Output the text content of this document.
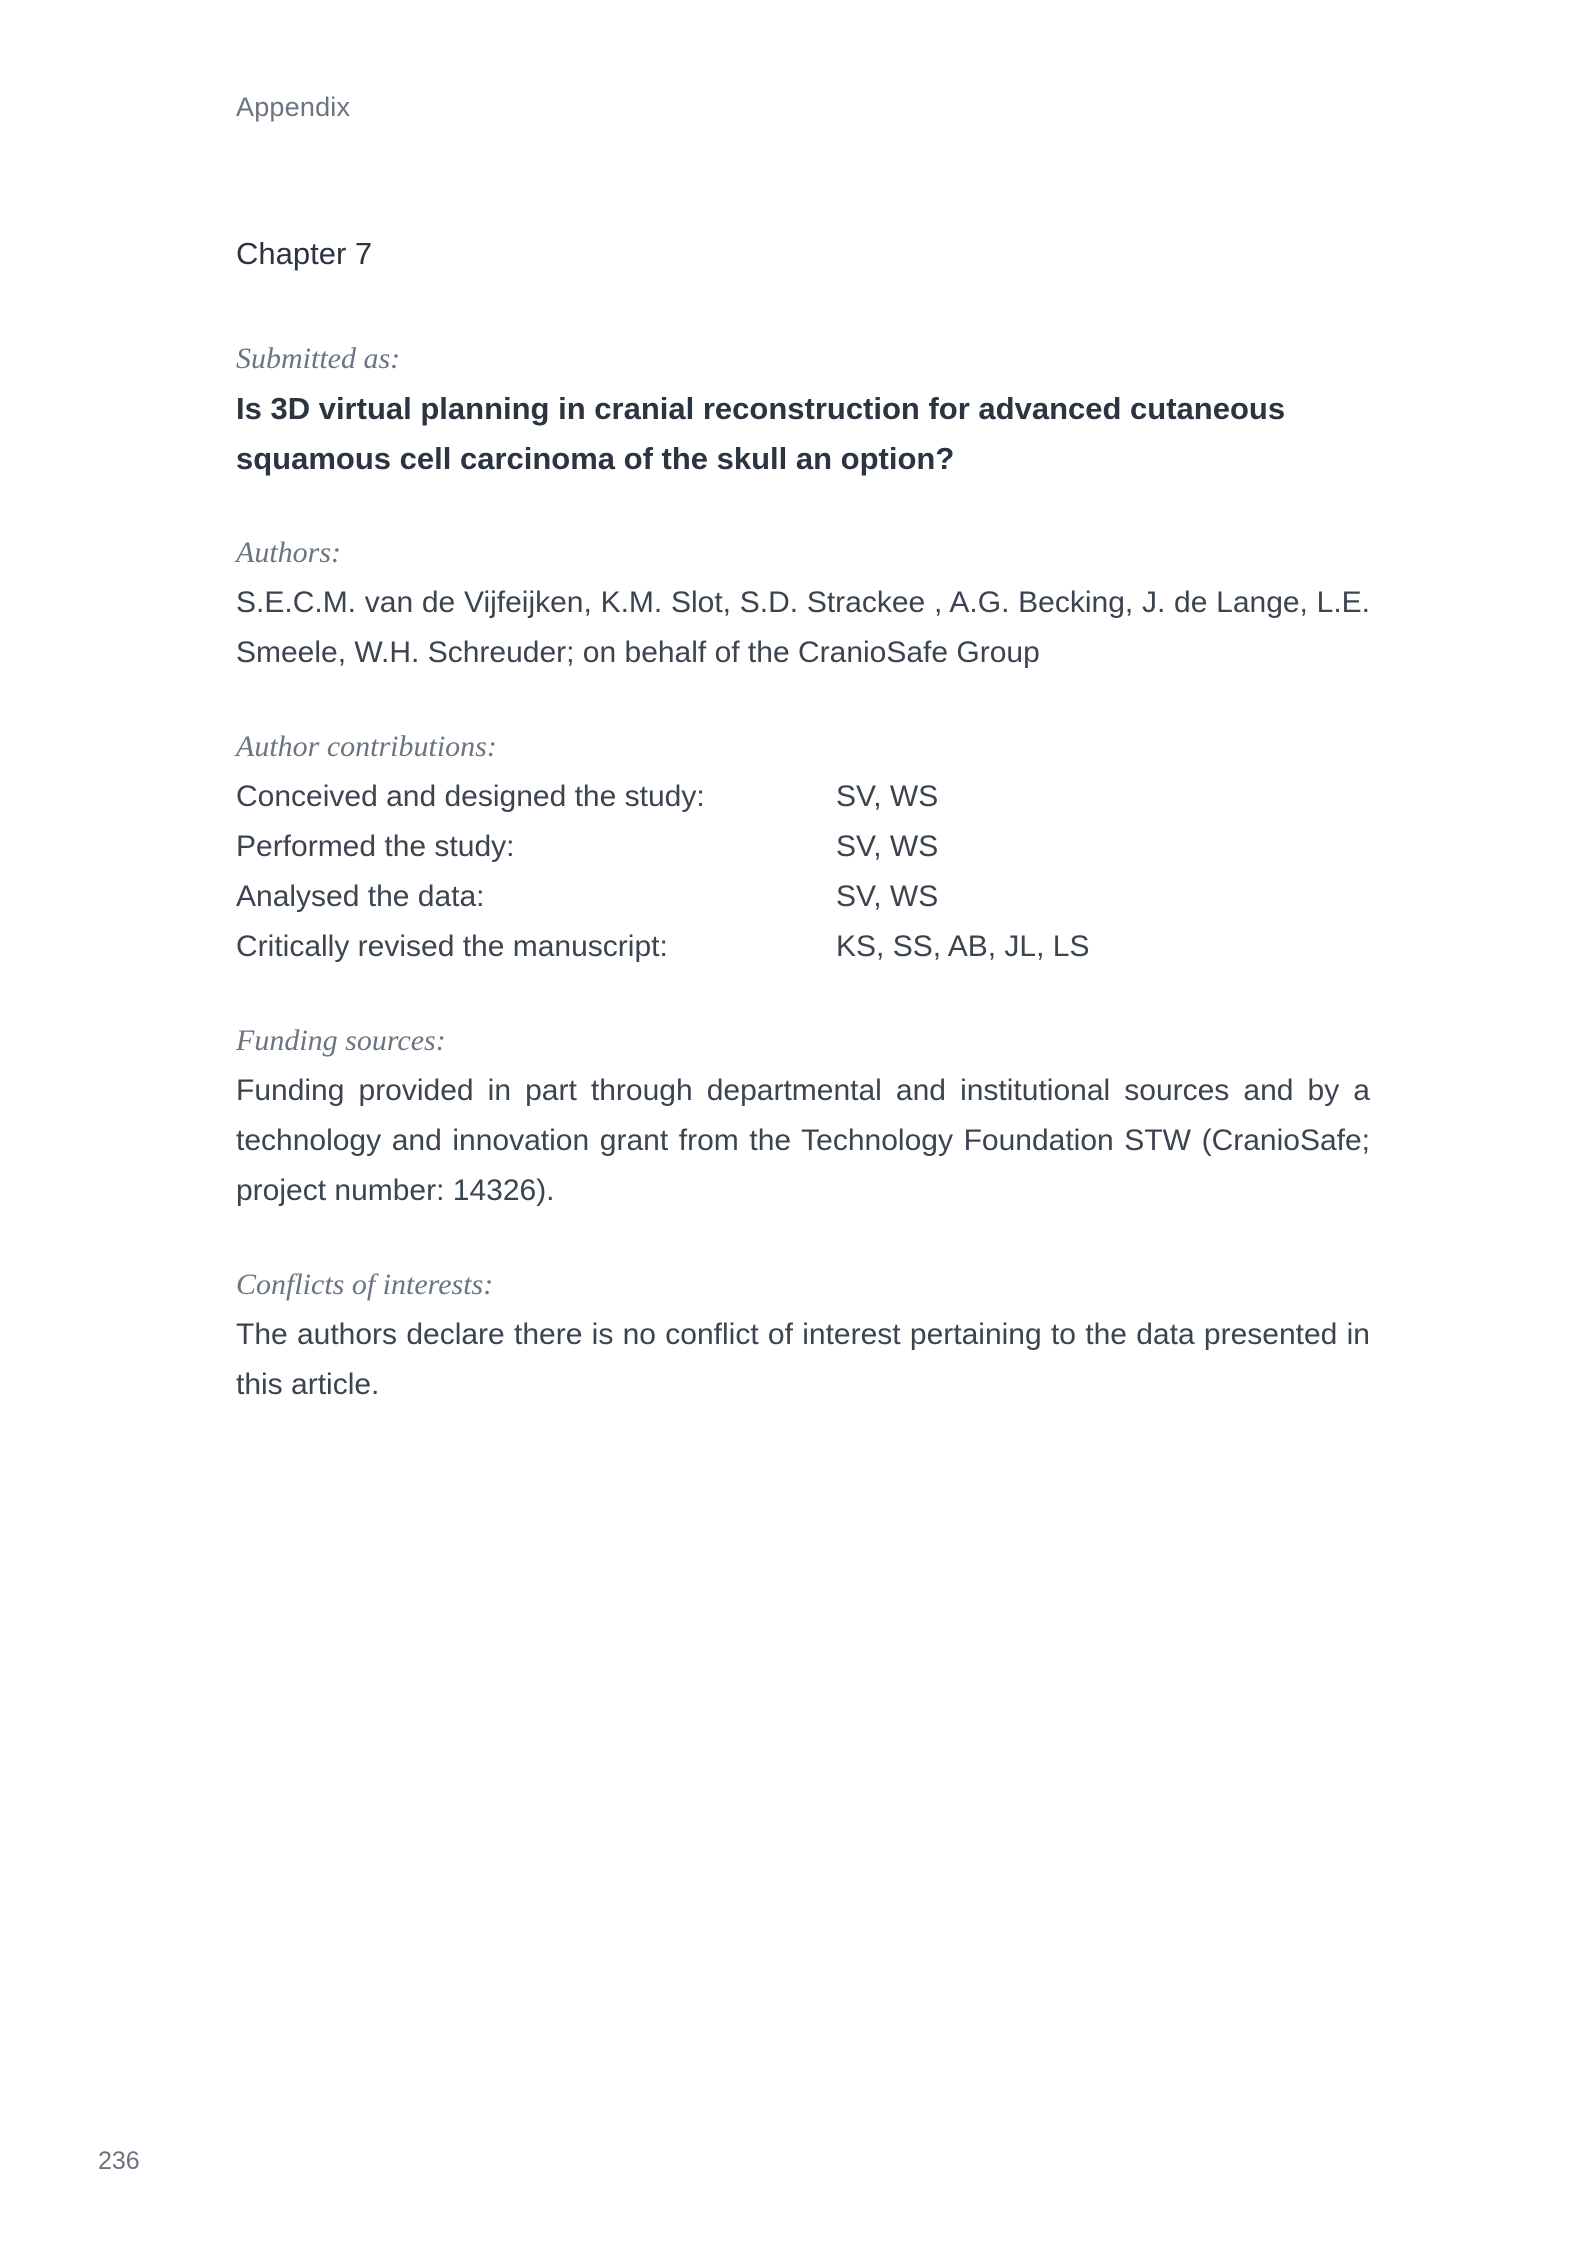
Appendix
Chapter 7

Submitted as:

Is 3D virtual planning in cranial reconstruction for advanced cutaneous squamous cell carcinoma of the skull an option?

Authors:

S.E.C.M. van de Vijfeijken, K.M. Slot, S.D. Strackee , A.G. Becking, J. de Lange, L.E. Smeele, W.H. Schreuder; on behalf of the CranioSafe Group

Author contributions:

Conceived and designed the study:	SV, WS
Performed the study:	SV, WS
Analysed the data:	SV, WS
Critically revised the manuscript:	KS, SS, AB, JL, LS

Funding sources:

Funding provided in part through departmental and institutional sources and by a technology and innovation grant from the Technology Foundation STW (CranioSafe; project number: 14326).

Conflicts of interests:

The authors declare there is no conflict of interest pertaining to the data presented in this article.

236
